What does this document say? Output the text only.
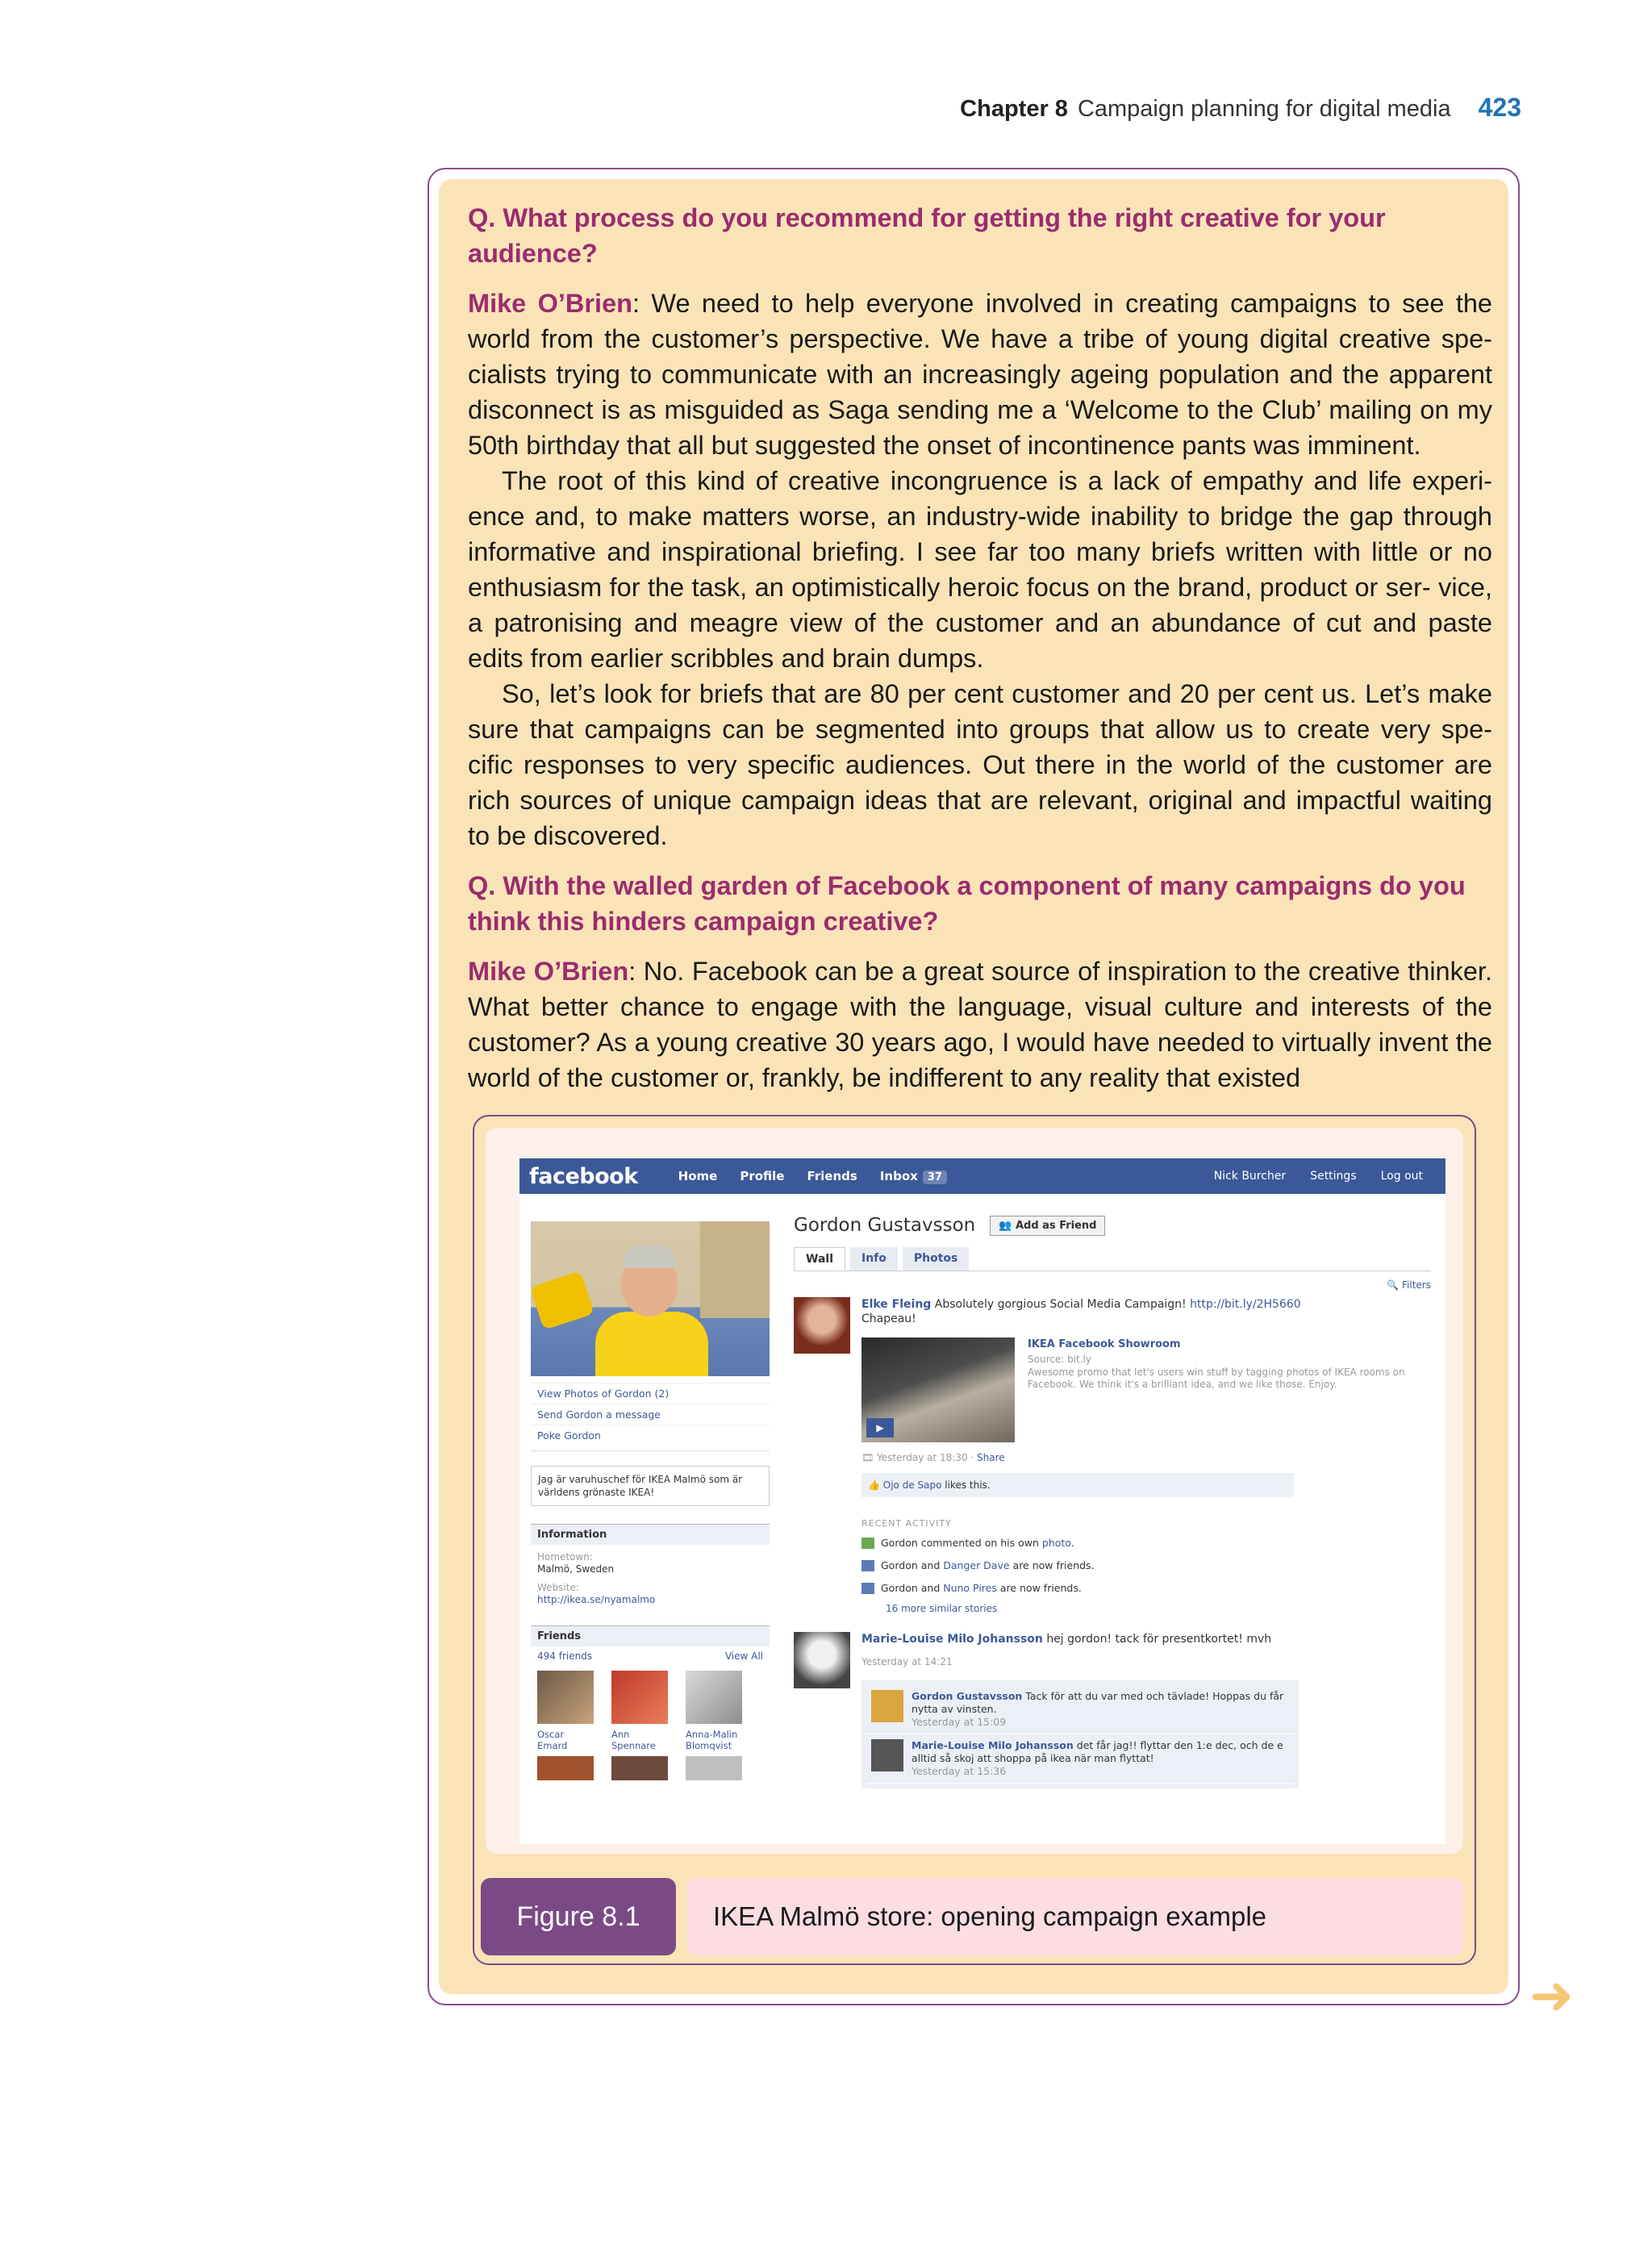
Chapter 8 Campaign planning for digital media 423

Q. What process do you recommend for getting the right creative for your audience?

Mike O’Brien: We need to help everyone involved in creating campaigns to see the world from the customer’s perspective. We have a tribe of young digital creative spe- cialists trying to communicate with an increasingly ageing population and the apparent disconnect is as misguided as Saga sending me a ‘Welcome to the Club’ mailing on my 50th birthday that all but suggested the onset of incontinence pants was imminent.

The root of this kind of creative incongruence is a lack of empathy and life experi- ence and, to make matters worse, an industry-wide inability to bridge the gap through informative and inspirational briefing. I see far too many briefs written with little or no enthusiasm for the task, an optimistically heroic focus on the brand, product or ser- vice, a patronising and meagre view of the customer and an abundance of cut and paste edits from earlier scribbles and brain dumps.

So, let’s look for briefs that are 80 per cent customer and 20 per cent us. Let’s make sure that campaigns can be segmented into groups that allow us to create very spe- cific responses to very specific audiences. Out there in the world of the customer are rich sources of unique campaign ideas that are relevant, original and impactful waiting to be discovered.

Q. With the walled garden of Facebook a component of many campaigns do you think this hinders campaign creative?

Mike O’Brien: No. Facebook can be a great source of inspiration to the creative thinker. What better chance to engage with the language, visual culture and interests of the customer? As a young creative 30 years ago, I would have needed to virtually invent the world of the customer or, frankly, be indifferent to any reality that existed

facebook	Home Profile Friends Inbox 37	Nick Burcher Settings Log out
View Photos of Gordon (2)
Send Gordon a message
Poke Gordon
Jag är varuhuschef för IKEA Malmö som är världens grönaste IKEA!
Information
Hometown:
Malmö, Sweden
Website:
http://ikea.se/nyamalmo
Friends
494 friends	View All
Oscar
Emard
Ann
Spennare
Anna-Malin
Blomqvist
Gordon Gustavsson	👥 Add as Friend
Wall	Info	Photos
🔍 Filters
Elke Fleing Absolutely gorgious Social Media Campaign! http://bit.ly/2H5660
Chapeau!
▶
IKEA Facebook Showroom
Source: bit.ly
Awesome promo that let's users win stuff by tagging photos of IKEA rooms on Facebook. We think it's a brilliant idea, and we like those. Enjoy.
🎞 Yesterday at 18:30 · Share
👍 Ojo de Sapo likes this.
RECENT ACTIVITY
Gordon commented on his own photo.
Gordon and Danger Dave are now friends.
Gordon and Nuno Pires are now friends.
16 more similar stories
Marie-Louise Milo Johansson hej gordon! tack för presentkortet! mvh
Yesterday at 14:21
Gordon Gustavsson Tack för att du var med och tävlade! Hoppas du får nytta av vinsten.
Yesterday at 15:09
Marie-Louise Milo Johansson det får jag!! flyttar den 1:e dec, och de e alltid så skoj att shoppa på ikea när man flyttat!
Yesterday at 15:36
Figure 8.1	IKEA Malmö store: opening campaign example
➜
